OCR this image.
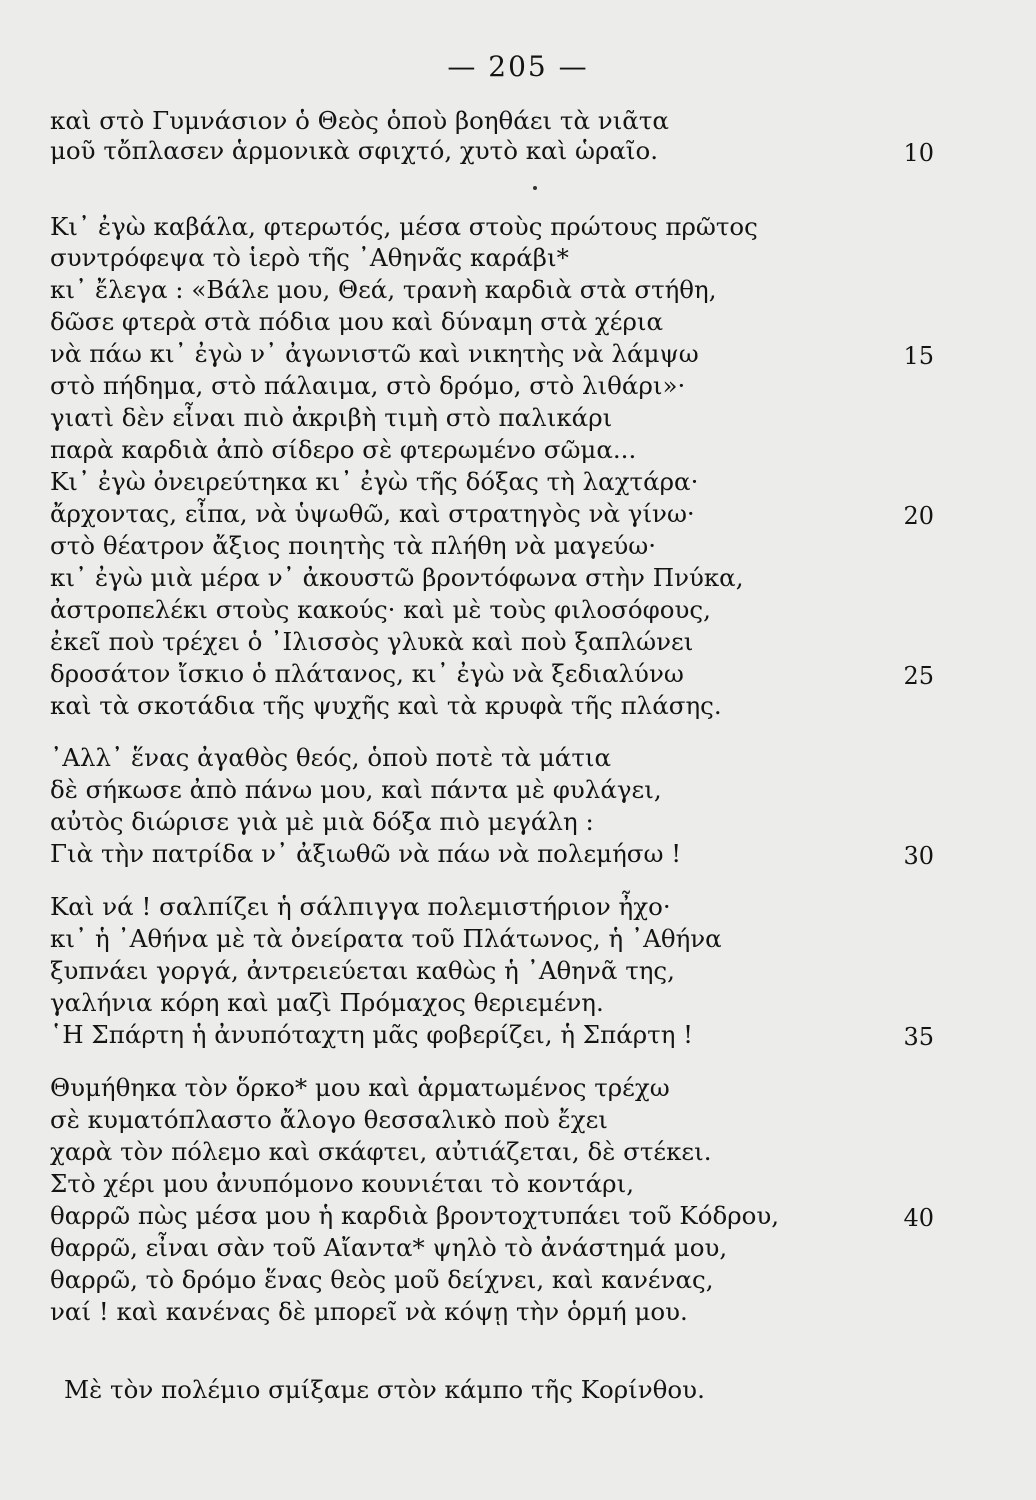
— 205 —
καὶ στὸ Γυμνάσιον ὁ Θεὸς ὁποὺ βοηθάει τὰ νιᾶτα
μοῦ τὄπλασεν ἁρμονικὰ σφιχτό, χυτὸ καὶ ὡραῖο.	10
Κι᾽ ἐγὼ καβάλα, φτερωτός, μέσα στοὺς πρώτους πρῶτος
συντρόφεψα τὸ ἱερὸ τῆς ᾽Αθηνᾶς καράβι*
κι᾽ ἔλεγα : «Βάλε μου, Θεά, τρανὴ καρδιὰ στὰ στήθη,
δῶσε φτερὰ στὰ πόδια μου καὶ δύναμη στὰ χέρια
νὰ πάω κι᾽ ἐγὼ ν᾽ ἀγωνιστῶ καὶ νικητὴς νὰ λάμψω	15
στὸ πήδημα, στὸ πάλαιμα, στὸ δρόμο, στὸ λιθάρι»·
γιατὶ δὲν εἶναι πιὸ ἀκριβὴ τιμὴ στὸ παλικάρι
παρὰ καρδιὰ ἀπὸ σίδερο σὲ φτερωμένο σῶμα...
Κι᾽ ἐγὼ ὀνειρεύτηκα κι᾽ ἐγὼ τῆς δόξας τὴ λαχτάρα·
ἄρχοντας, εἶπα, νὰ ὑψωθῶ, καὶ στρατηγὸς νὰ γίνω·	20
στὸ θέατρον ἄξιος ποιητὴς τὰ πλήθη νὰ μαγεύω·
κι᾽ ἐγὼ μιὰ μέρα ν᾽ ἀκουστῶ βροντόφωνα στὴν Πνύκα,
ἀστροπελέκι στοὺς κακούς· καὶ μὲ τοὺς φιλοσόφους,
ἐκεῖ ποὺ τρέχει ὁ ᾽Ιλισσὸς γλυκὰ καὶ ποὺ ξαπλώνει
δροσάτον ἴσκιο ὁ πλάτανος, κι᾽ ἐγὼ νὰ ξεδιαλύνω	25
καὶ τὰ σκοτάδια τῆς ψυχῆς καὶ τὰ κρυφὰ τῆς πλάσης.
᾽Αλλ᾽ ἕνας ἀγαθὸς θεός, ὁποὺ ποτὲ τὰ μάτια
δὲ σήκωσε ἀπὸ πάνω μου, καὶ πάντα μὲ φυλάγει,
αὐτὸς διώρισε γιὰ μὲ μιὰ δόξα πιὸ μεγάλη :
Γιὰ τὴν πατρίδα ν᾽ ἀξιωθῶ νὰ πάω νὰ πολεμήσω !	30
Καὶ νά ! σαλπίζει ἡ σάλπιγγα πολεμιστήριον ἦχο·
κι᾽ ἡ ᾽Αθήνα μὲ τὰ ὀνείρατα τοῦ Πλάτωνος, ἡ ᾽Αθήνα
ξυπνάει γοργά, ἀντρειεύεται καθὼς ἡ ᾽Αθηνᾶ της,
γαλήνια κόρη καὶ μαζὶ Πρόμαχος θεριεμένη.
῾Η Σπάρτη ἡ ἀνυπόταχτη μᾶς φοβερίζει, ἡ Σπάρτη !	35
Θυμήθηκα τὸν ὅρκο* μου καὶ ἁρματωμένος τρέχω
σὲ κυματόπλαστο ἄλογο θεσσαλικὸ ποὺ ἔχει
χαρὰ τὸν πόλεμο καὶ σκάφτει, αὐτιάζεται, δὲ στέκει.
Στὸ χέρι μου ἀνυπόμονο κουνιέται τὸ κοντάρι,
θαρρῶ πὼς μέσα μου ἡ καρδιὰ βροντοχτυπάει τοῦ Κόδρου,	40
θαρρῶ, εἶναι σὰν τοῦ Αἴαντα* ψηλὸ τὸ ἀνάστημά μου,
θαρρῶ, τὸ δρόμο ἕνας θεὸς μοῦ δείχνει, καὶ κανένας,
ναί ! καὶ κανένας δὲ μπορεῖ νὰ κόψῃ τὴν ὁρμή μου.
Μὲ τὸν πολέμιο σμίξαμε στὸν κάμπο τῆς Κορίνθου.
